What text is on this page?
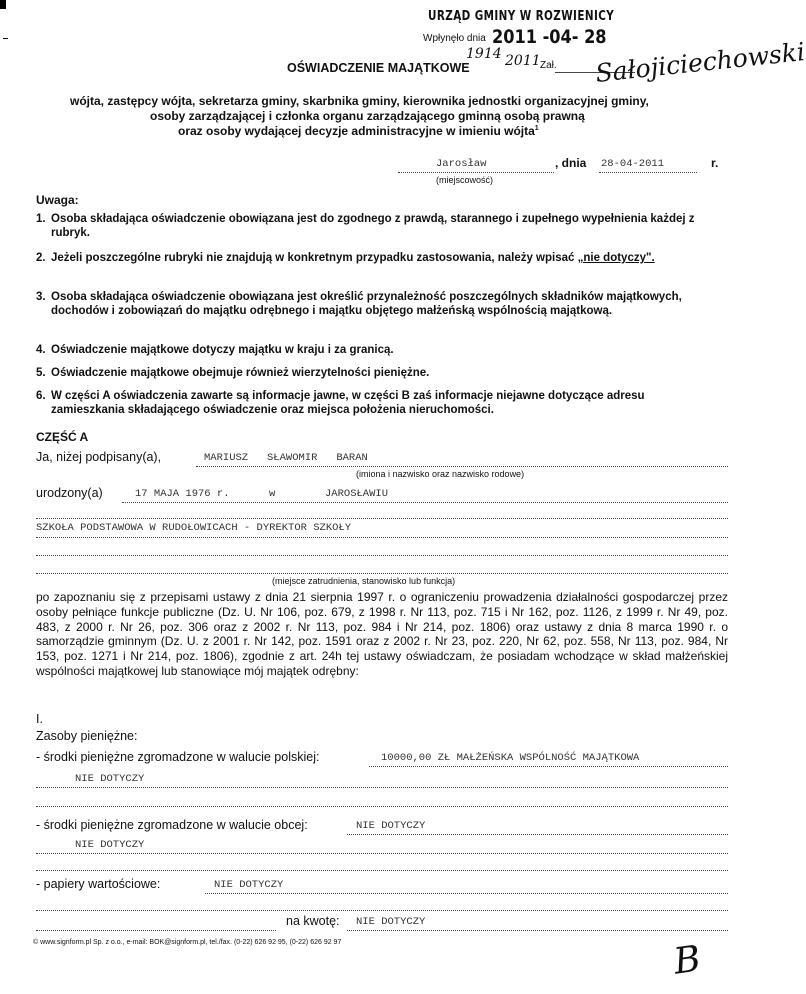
URZĄD GMINY W ROZWIENICY
Wpłynęło dnia 2011 -04- 28
1914 2011 Zał. Sałojiciechowski
OŚWIADCZENIE MAJĄTKOWE
wójta, zastępcy wójta, sekretarza gminy, skarbnika gminy, kierownika jednostki organizacyjnej gminy,
osoby zarządzającej i członka organu zarządzającego gminną osobą prawną
oraz osoby wydającej decyzje administracyjne w imieniu wójta$^1$
Jarosław	, dnia 28-04-2011	r.
(miejscowość)
Uwaga:
1. Osoba składająca oświadczenie obowiązana jest do zgodnego z prawdą, starannego i zupełnego wypełnienia każdej z rubryk.
2. Jeżeli poszczególne rubryki nie znajdują w konkretnym przypadku zastosowania, należy wpisać „nie dotyczy".
3. Osoba składająca oświadczenie obowiązana jest określić przynależność poszczególnych składników majątkowych, dochodów i zobowiązań do majątku odrębnego i majątku objętego małżeńską wspólnością majątkową.
4. Oświadczenie majątkowe dotyczy majątku w kraju i za granicą.
5. Oświadczenie majątkowe obejmuje również wierzytelności pieniężne.
6. W części A oświadczenia zawarte są informacje jawne, w części B zaś informacje niejawne dotyczące adresu zamieszkania składającego oświadczenie oraz miejsca położenia nieruchomości.
CZĘŚĆ A
Ja, niżej podpisany(a),	MARIUSZ   SŁAWOMIR   BARAN
(imiona i nazwisko oraz nazwisko rodowe)
urodzony(a)	17 MAJA 1976 r.	w	JAROSŁAWIU
SZKOŁA PODSTAWOWA W RUDOŁOWICACH - DYREKTOR SZKOŁY
(miejsce zatrudnienia, stanowisko lub funkcja)
po zapoznaniu się z przepisami ustawy z dnia 21 sierpnia 1997 r. o ograniczeniu prowadzenia działalności gospodarczej przez osoby pełniące funkcje publiczne (Dz. U. Nr 106, poz. 679, z 1998 r. Nr 113, poz. 715 i Nr 162, poz. 1126, z 1999 r. Nr 49, poz. 483, z 2000 r. Nr 26, poz. 306 oraz z 2002 r. Nr 113, poz. 984 i Nr 214, poz. 1806) oraz ustawy z dnia 8 marca 1990 r. o samorządzie gminnym (Dz. U. z 2001 r. Nr 142, poz. 1591 oraz z 2002 r. Nr 23, poz. 220, Nr 62, poz. 558, Nr 113, poz. 984, Nr 153, poz. 1271 i Nr 214, poz. 1806), zgodnie z art. 24h tej ustawy oświadczam, że posiadam wchodzące w skład małżeńskiej wspólności majątkowej lub stanowiące mój majątek odrębny:
I.
Zasoby pieniężne:
- środki pieniężne zgromadzone w walucie polskiej:	10000,00 ZŁ MAŁŻEŃSKA WSPÓLNOŚĆ MAJĄTKOWA
NIE DOTYCZY
- środki pieniężne zgromadzone w walucie obcej:	NIE DOTYCZY
NIE DOTYCZY
- papiery wartościowe:	NIE DOTYCZY
na kwotę: NIE DOTYCZY
© www.signform.pl Sp. z o.o., e-mail: BOK@signform.pl, tel./fax. (0-22) 626 92 95, (0-22) 626 92 97	B
